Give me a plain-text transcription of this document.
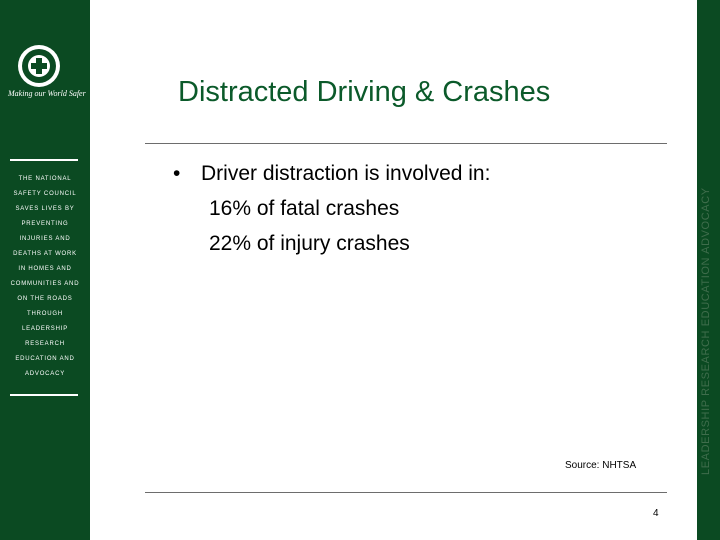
Making our World Safer
THE NATIONAL
SAFETY COUNCIL
SAVES LIVES BY
PREVENTING
INJURIES AND
DEATHS AT WORK
IN HOMES AND
COMMUNITIES AND
ON THE ROADS
THROUGH
LEADERSHIP
RESEARCH
EDUCATION AND
ADVOCACY	LEADERSHIP RESEARCH EDUCATION ADVOCACY
Distracted Driving & Crashes
• Driver distraction is involved in:
16% of fatal crashes
22% of injury crashes
Source: NHTSA
4
